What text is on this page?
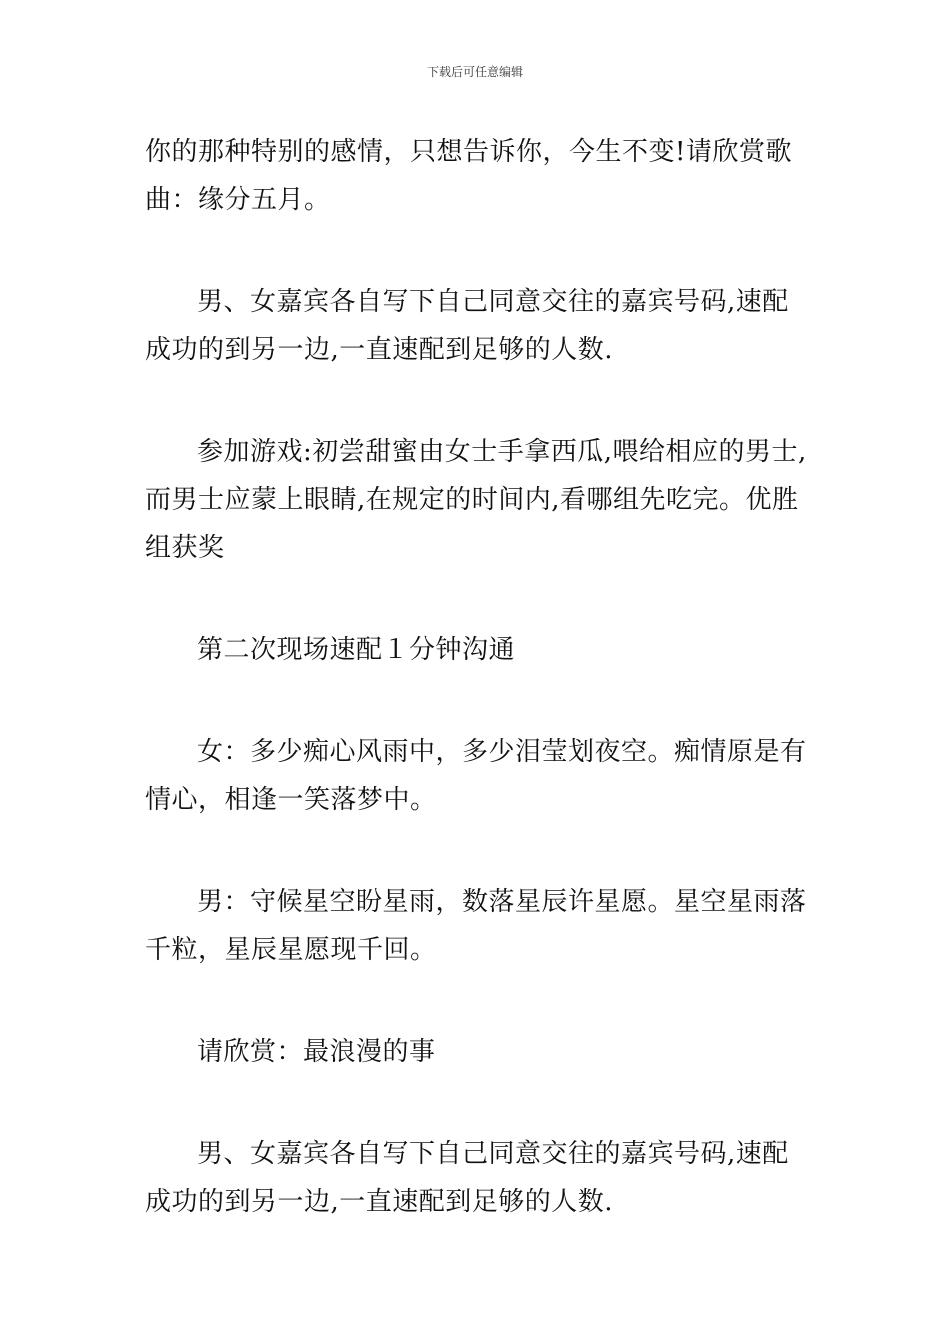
下载后可任意编辑

你的那种特别的感情，只想告诉你，今生不变!请欣赏歌曲：缘分五月。

男、女嘉宾各自写下自己同意交往的嘉宾号码,速配成功的到另一边,一直速配到足够的人数.

参加游戏:初尝甜蜜由女士手拿西瓜,喂给相应的男士,而男士应蒙上眼睛,在规定的时间内,看哪组先吃完。优胜组获奖

第二次现场速配１分钟沟通

女：多少痴心风雨中，多少泪莹划夜空。痴情原是有情心，相逢一笑落梦中。

男：守候星空盼星雨，数落星辰许星愿。星空星雨落千粒，星辰星愿现千回。

请欣赏：最浪漫的事

男、女嘉宾各自写下自己同意交往的嘉宾号码,速配成功的到另一边,一直速配到足够的人数.
